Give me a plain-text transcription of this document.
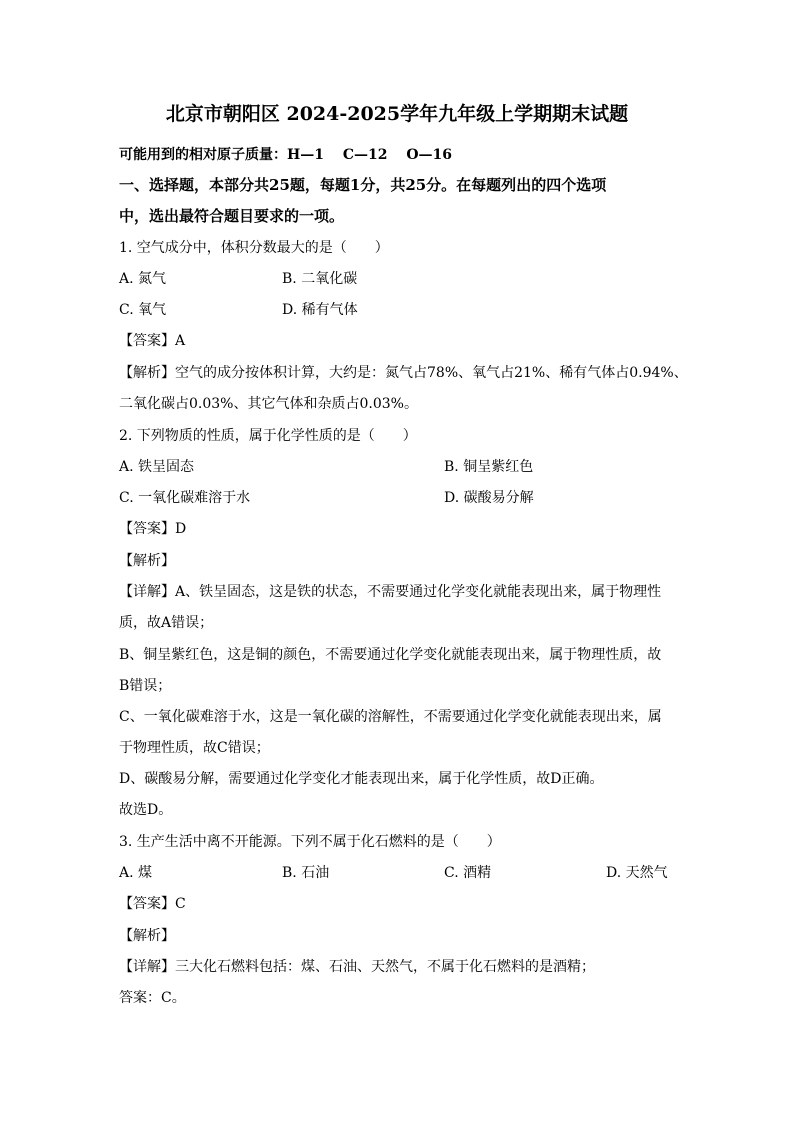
北京市朝阳区 2024-2025学年九年级上学期期末试题
可能用到的相对原子质量：H—1　 C—12　 O—16
一、选择题，本部分共25题，每题1分，共25分。在每题列出的四个选项
中，选出最符合题目要求的一项。
1. 空气成分中，体积分数最大的是（　　）
A. 氮气	B. 二氧化碳
C. 氧气	D. 稀有气体
【答案】A
【解析】空气的成分按体积计算，大约是：氮气占78%、氧气占21%、稀有气体占0.94%、
二氧化碳占0.03%、其它气体和杂质占0.03%。
2. 下列物质的性质，属于化学性质的是（　　）
A. 铁呈固态	B. 铜呈紫红色
C. 一氧化碳难溶于水	D. 碳酸易分解
【答案】D
【解析】
【详解】A、铁呈固态，这是铁的状态，不需要通过化学变化就能表现出来，属于物理性
质，故A错误；
B、铜呈紫红色，这是铜的颜色，不需要通过化学变化就能表现出来，属于物理性质，故
B错误；
C、一氧化碳难溶于水，这是一氧化碳的溶解性，不需要通过化学变化就能表现出来，属
于物理性质，故C错误；
D、碳酸易分解，需要通过化学变化才能表现出来，属于化学性质，故D正确。
故选D。
3. 生产生活中离不开能源。下列不属于化石燃料的是（　　）
A. 煤	B. 石油	C. 酒精	D. 天然气
【答案】C
【解析】
【详解】三大化石燃料包括：煤、石油、天然气，不属于化石燃料的是酒精；
答案：C。
